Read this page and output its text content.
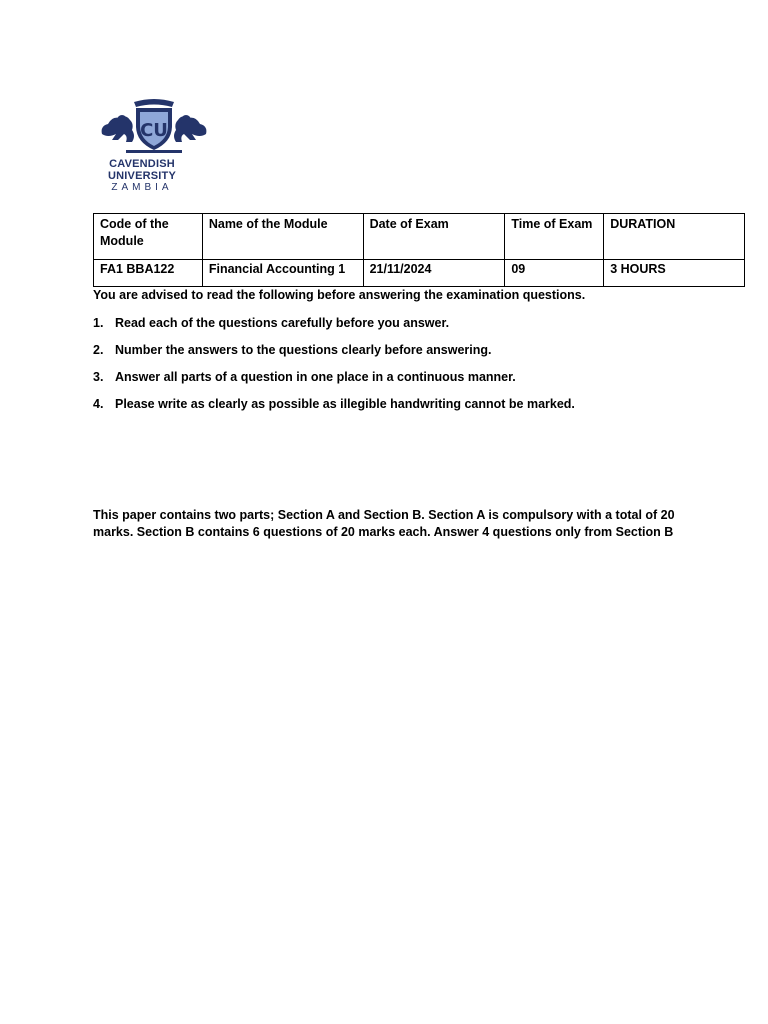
CU
CAVENDISH
UNIVERSITY
ZAMBIA
Code of the Module	Name of the Module	Date of Exam	Time of Exam	DURATION
FA1 BBA122	Financial Accounting 1	21/11/2024	09	3 HOURS
You are advised to read the following before answering the examination questions.
1. Read each of the questions carefully before you answer.
2. Number the answers to the questions clearly before answering.
3. Answer all parts of a question in one place in a continuous manner.
4. Please write as clearly as possible as illegible handwriting cannot be marked.
This paper contains two parts; Section A and Section B. Section A is compulsory with a total of 20 marks. Section B contains 6 questions of 20 marks each. Answer 4 questions only from Section B
